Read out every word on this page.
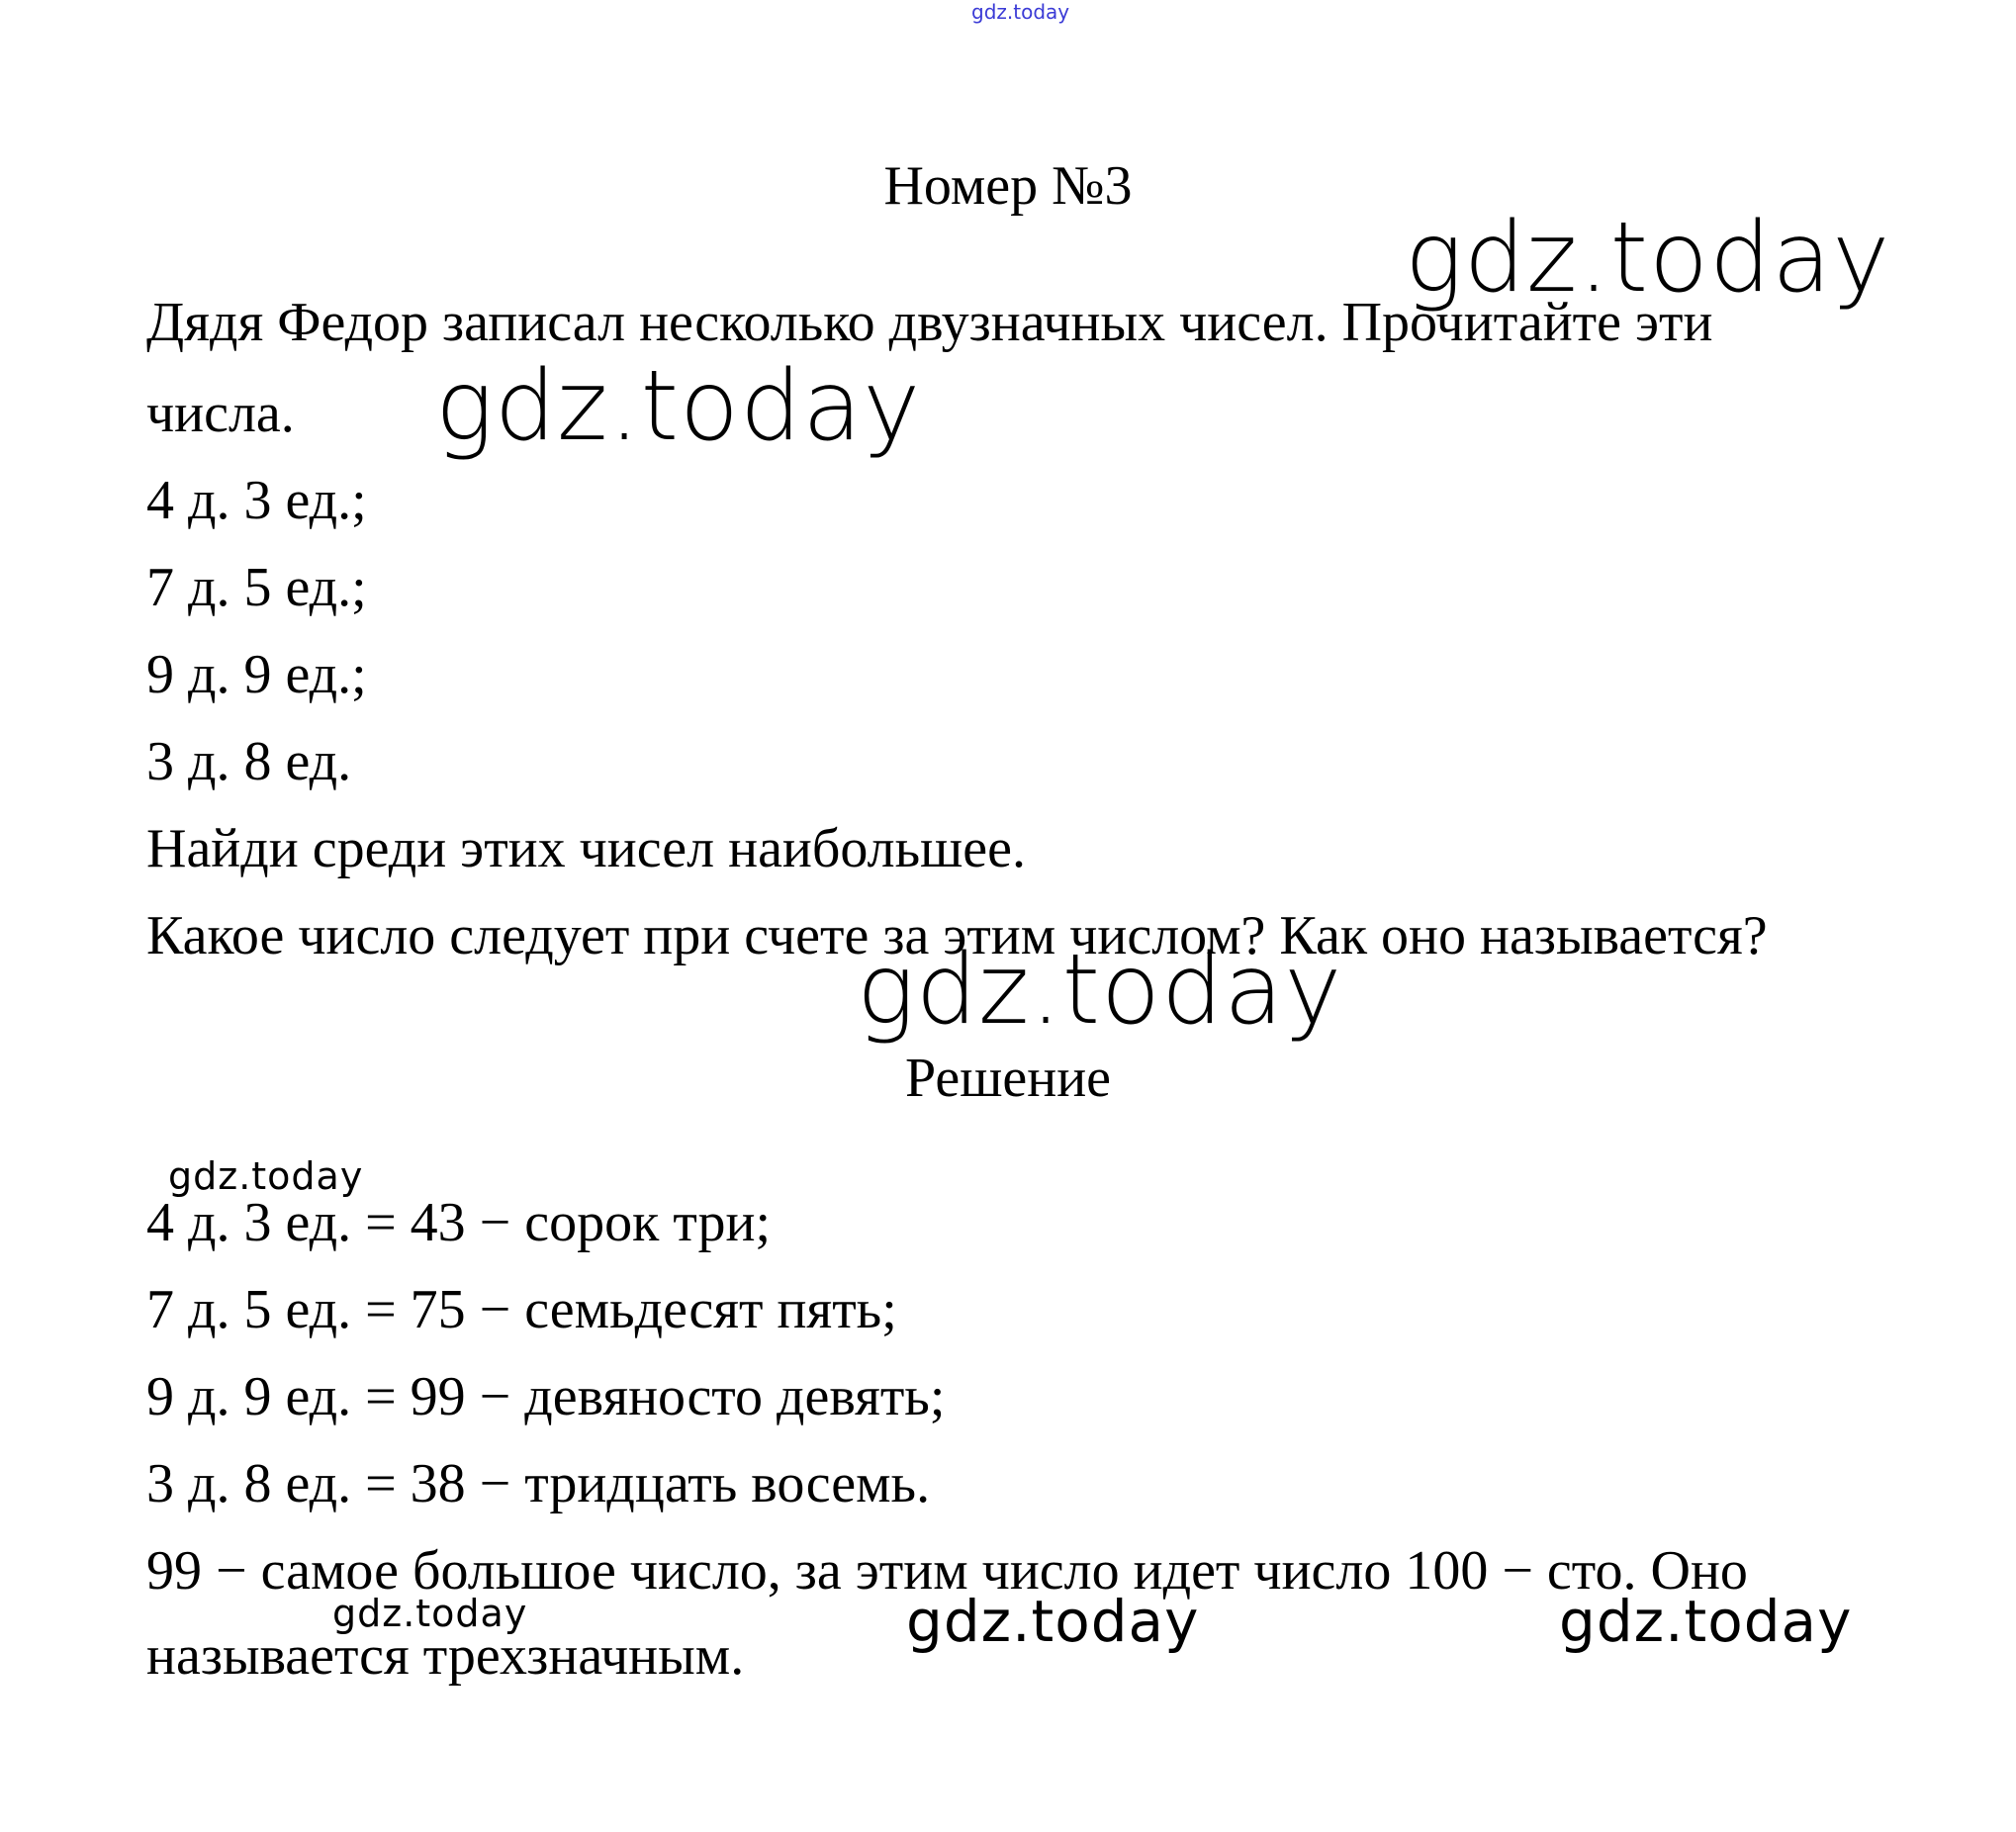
gdz.today
Номер №3
gdz.today
Дядя Федор записал несколько двузначных чисел. Прочитайте эти
числа. gdz.today
4 д. 3 ед.;
7 д. 5 ед.;
9 д. 9 ед.;
3 д. 8 ед.
Найди среди этих чисел наибольшее.
Какое число следует при счете за этим числом? Как оно называется?
gdz.today
Решение
gdz.today
4 д. 3 ед. = 43 − сорок три;
7 д. 5 ед. = 75 − семьдесят пять;
9 д. 9 ед. = 99 − девяносто девять;
3 д. 8 ед. = 38 − тридцать восемь.
99 − самое большое число, за этим число идет число 100 − сто. Оно
gdz.today	gdz.today	gdz.today
называется трехзначным.
